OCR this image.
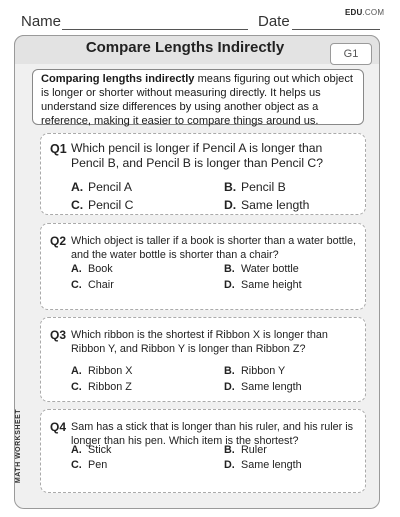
Name	Date
EDU.COM
Compare Lengths Indirectly	G1
Comparing lengths indirectly means figuring out which object is longer or shorter without measuring directly. It helps us understand size differences by using another object as a reference, making it easier to compare things around us.
MATH WORKSHEET
Q1 Which pencil is longer if Pencil A is longer than Pencil B, and Pencil B is longer than Pencil C?
A. Pencil A	B. Pencil B
C. Pencil C	D. Same length
Q2 Which object is taller if a book is shorter than a water bottle, and the water bottle is shorter than a chair?
A. Book	B. Water bottle
C. Chair	D. Same height
Q3 Which ribbon is the shortest if Ribbon X is longer than Ribbon Y, and Ribbon Y is longer than Ribbon Z?
A. Ribbon X	B. Ribbon Y
C. Ribbon Z	D. Same length
Q4 Sam has a stick that is longer than his ruler, and his ruler is longer than his pen. Which item is the shortest?
A. Stick	B. Ruler
C. Pen	D. Same length
